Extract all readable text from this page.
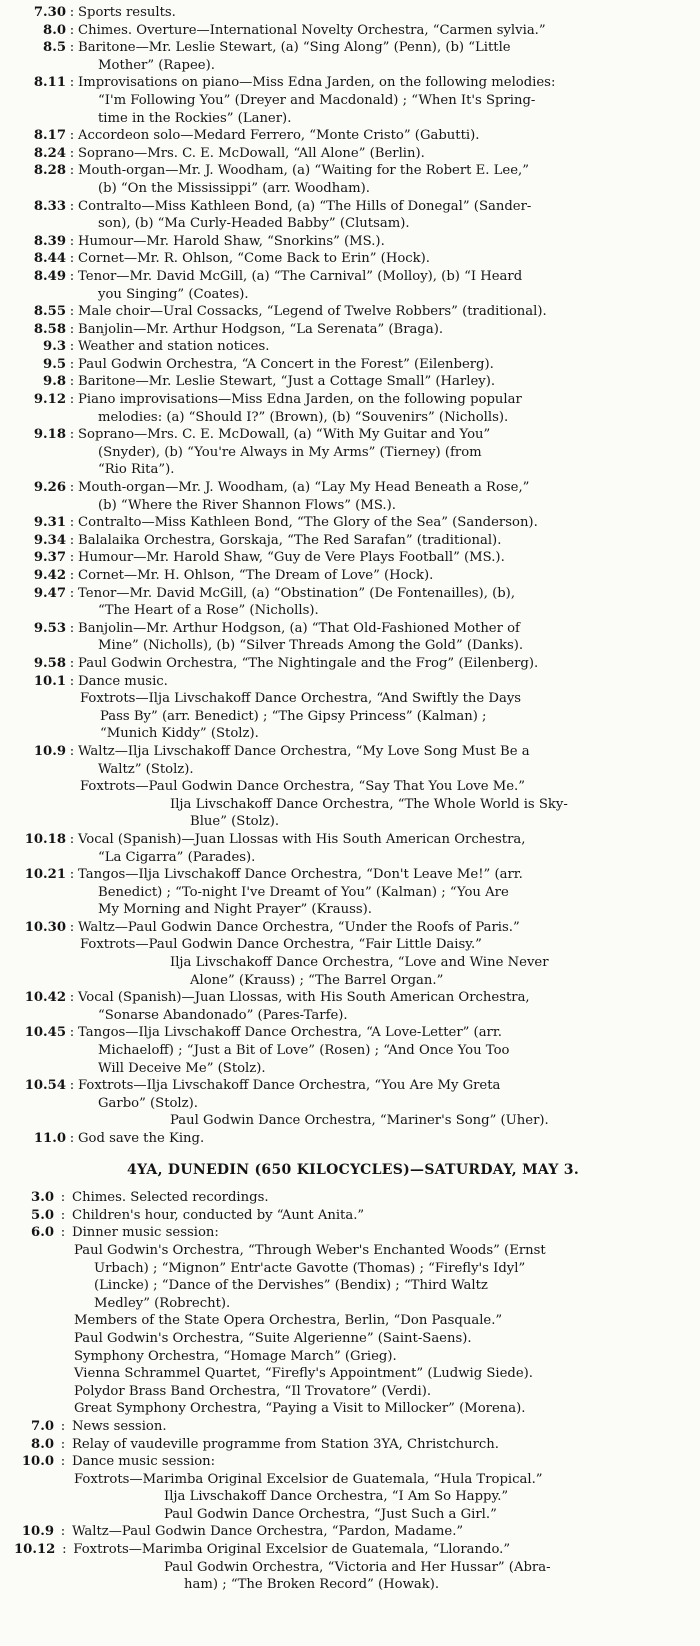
7.30 : Sports results.
8.0 : Chimes. Overture—International Novelty Orchestra, “Carmen sylvia.”
8.5 : Baritone—Mr. Leslie Stewart, (a) “Sing Along” (Penn), (b) “Little
Mother” (Rapee).
8.11 : Improvisations on piano—Miss Edna Jarden, on the following melodies:
“I'm Following You” (Dreyer and Macdonald) ; “When It's Spring-
time in the Rockies” (Laner).
8.17 : Accordeon solo—Medard Ferrero, “Monte Cristo” (Gabutti).
8.24 : Soprano—Mrs. C. E. McDowall, “All Alone” (Berlin).
8.28 : Mouth-organ—Mr. J. Woodham, (a) “Waiting for the Robert E. Lee,”
(b) “On the Mississippi” (arr. Woodham).
8.33 : Contralto—Miss Kathleen Bond, (a) “The Hills of Donegal” (Sander-
son), (b) “Ma Curly-Headed Babby” (Clutsam).
8.39 : Humour—Mr. Harold Shaw, “Snorkins” (MS.).
8.44 : Cornet—Mr. R. Ohlson, “Come Back to Erin” (Hock).
8.49 : Tenor—Mr. David McGill, (a) “The Carnival” (Molloy), (b) “I Heard
you Singing” (Coates).
8.55 : Male choir—Ural Cossacks, “Legend of Twelve Robbers” (traditional).
8.58 : Banjolin—Mr. Arthur Hodgson, “La Serenata” (Braga).
9.3 : Weather and station notices.
9.5 : Paul Godwin Orchestra, “A Concert in the Forest” (Eilenberg).
9.8 : Baritone—Mr. Leslie Stewart, “Just a Cottage Small” (Harley).
9.12 : Piano improvisations—Miss Edna Jarden, on the following popular
melodies: (a) “Should I?” (Brown), (b) “Souvenirs” (Nicholls).
9.18 : Soprano—Mrs. C. E. McDowall, (a) “With My Guitar and You”
(Snyder), (b) “You're Always in My Arms” (Tierney) (from
“Rio Rita”).
9.26 : Mouth-organ—Mr. J. Woodham, (a) “Lay My Head Beneath a Rose,”
(b) “Where the River Shannon Flows” (MS.).
9.31 : Contralto—Miss Kathleen Bond, “The Glory of the Sea” (Sanderson).
9.34 : Balalaika Orchestra, Gorskaja, “The Red Sarafan” (traditional).
9.37 : Humour—Mr. Harold Shaw, “Guy de Vere Plays Football” (MS.).
9.42 : Cornet—Mr. H. Ohlson, “The Dream of Love” (Hock).
9.47 : Tenor—Mr. David McGill, (a) “Obstination” (De Fontenailles), (b),
“The Heart of a Rose” (Nicholls).
9.53 : Banjolin—Mr. Arthur Hodgson, (a) “That Old-Fashioned Mother of
Mine” (Nicholls), (b) “Silver Threads Among the Gold” (Danks).
9.58 : Paul Godwin Orchestra, “The Nightingale and the Frog” (Eilenberg).
10.1 : Dance music.
Foxtrots—Ilja Livschakoff Dance Orchestra, “And Swiftly the Days
Pass By” (arr. Benedict) ; “The Gipsy Princess” (Kalman) ;
“Munich Kiddy” (Stolz).
10.9 : Waltz—Ilja Livschakoff Dance Orchestra, “My Love Song Must Be a
Waltz” (Stolz).
Foxtrots—Paul Godwin Dance Orchestra, “Say That You Love Me.”
Ilja Livschakoff Dance Orchestra, “The Whole World is Sky-
Blue” (Stolz).
10.18 : Vocal (Spanish)—Juan Llossas with His South American Orchestra,
“La Cigarra” (Parades).
10.21 : Tangos—Ilja Livschakoff Dance Orchestra, “Don't Leave Me!” (arr.
Benedict) ; “To-night I've Dreamt of You” (Kalman) ; “You Are
My Morning and Night Prayer” (Krauss).
10.30 : Waltz—Paul Godwin Dance Orchestra, “Under the Roofs of Paris.”
Foxtrots—Paul Godwin Dance Orchestra, “Fair Little Daisy.”
Ilja Livschakoff Dance Orchestra, “Love and Wine Never
Alone” (Krauss) ; “The Barrel Organ.”
10.42 : Vocal (Spanish)—Juan Llossas, with His South American Orchestra,
“Sonarse Abandonado” (Pares-Tarfe).
10.45 : Tangos—Ilja Livschakoff Dance Orchestra, “A Love-Letter” (arr.
Michaeloff) ; “Just a Bit of Love” (Rosen) ; “And Once You Too
Will Deceive Me” (Stolz).
10.54 : Foxtrots—Ilja Livschakoff Dance Orchestra, “You Are My Greta
Garbo” (Stolz).
Paul Godwin Dance Orchestra, “Mariner's Song” (Uher).
11.0 : God save the King.
4YA, DUNEDIN (650 KILOCYCLES)—SATURDAY, MAY 3.
3.0 : Chimes. Selected recordings.
5.0 : Children's hour, conducted by “Aunt Anita.”
6.0 : Dinner music session:
Paul Godwin's Orchestra, “Through Weber's Enchanted Woods” (Ernst
Urbach) ; “Mignon” Entr'acte Gavotte (Thomas) ; “Firefly's Idyl”
(Lincke) ; “Dance of the Dervishes” (Bendix) ; “Third Waltz
Medley” (Robrecht).
Members of the State Opera Orchestra, Berlin, “Don Pasquale.”
Paul Godwin's Orchestra, “Suite Algerienne” (Saint-Saens).
Symphony Orchestra, “Homage March” (Grieg).
Vienna Schrammel Quartet, “Firefly's Appointment” (Ludwig Siede).
Polydor Brass Band Orchestra, “Il Trovatore” (Verdi).
Great Symphony Orchestra, “Paying a Visit to Millocker” (Morena).
7.0 : News session.
8.0 : Relay of vaudeville programme from Station 3YA, Christchurch.
10.0 : Dance music session:
Foxtrots—Marimba Original Excelsior de Guatemala, “Hula Tropical.”
Ilja Livschakoff Dance Orchestra, “I Am So Happy.”
Paul Godwin Dance Orchestra, “Just Such a Girl.”
10.9 : Waltz—Paul Godwin Dance Orchestra, “Pardon, Madame.”
10.12 : Foxtrots—Marimba Original Excelsior de Guatemala, “Llorando.”
Paul Godwin Orchestra, “Victoria and Her Hussar” (Abra-
ham) ; “The Broken Record” (Howak).
